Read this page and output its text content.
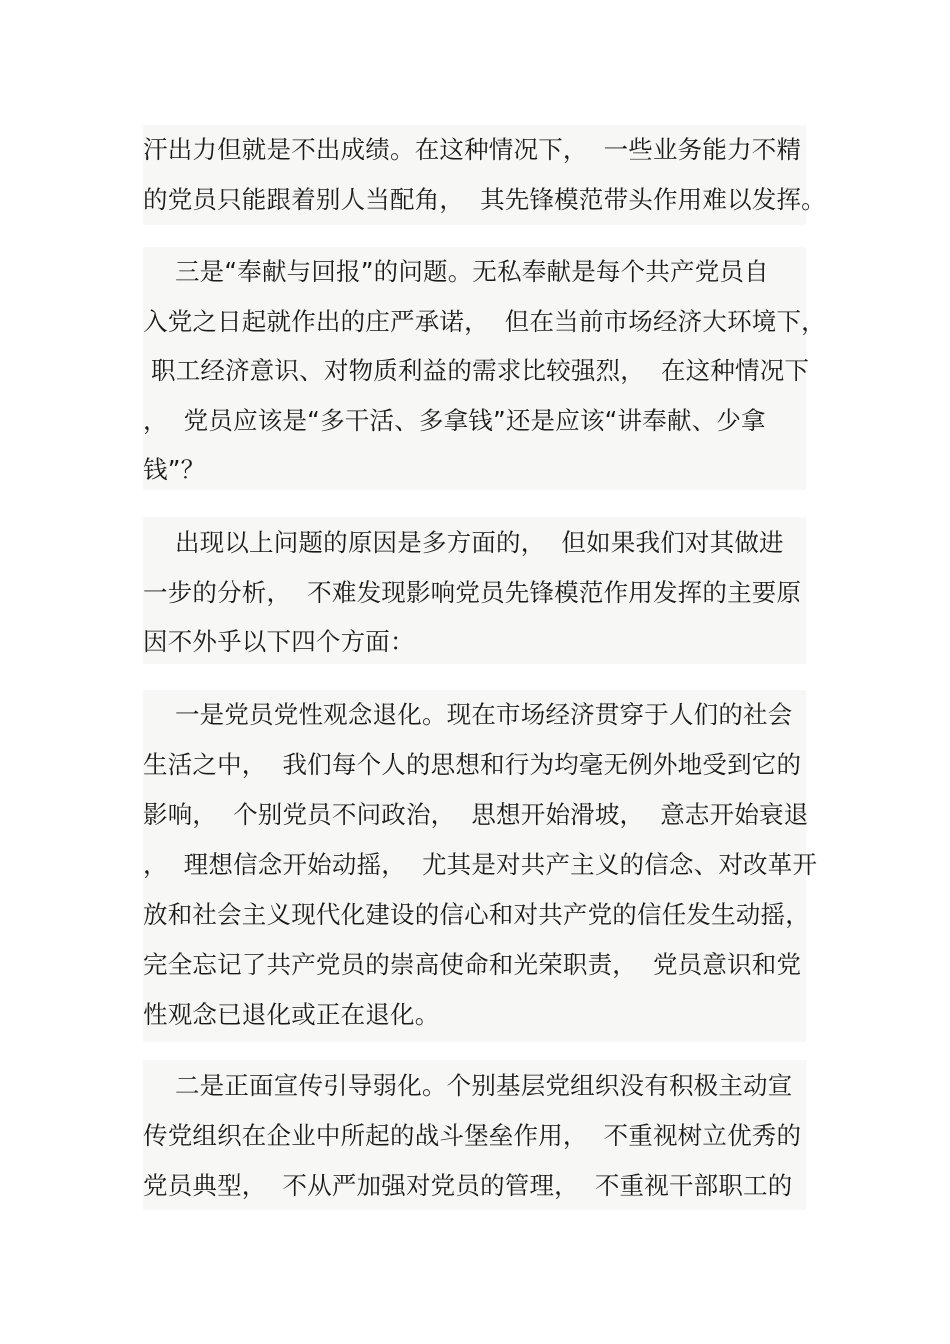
汗出力但就是不出成绩。在这种情况下，  一些业务能力不精
的党员只能跟着别人当配角，  其先锋模范带头作用难以发挥。
三是“奉献与回报”的问题。无私奉献是每个共产党员自
入党之日起就作出的庄严承诺，  但在当前市场经济大环境下，
职工经济意识、对物质利益的需求比较强烈，  在这种情况下
，  党员应该是“多干活、多拿钱”还是应该“讲奉献、少拿
钱”？
出现以上问题的原因是多方面的，  但如果我们对其做进
一步的分析，  不难发现影响党员先锋模范作用发挥的主要原
因不外乎以下四个方面：
一是党员党性观念退化。现在市场经济贯穿于人们的社会
生活之中，  我们每个人的思想和行为均毫无例外地受到它的
影响，  个别党员不问政治，  思想开始滑坡，  意志开始衰退
，  理想信念开始动摇，  尤其是对共产主义的信念、对改革开
放和社会主义现代化建设的信心和对共产党的信任发生动摇，
完全忘记了共产党员的崇高使命和光荣职责，  党员意识和党
性观念已退化或正在退化。
二是正面宣传引导弱化。个别基层党组织没有积极主动宣
传党组织在企业中所起的战斗堡垒作用，  不重视树立优秀的
党员典型，  不从严加强对党员的管理，  不重视干部职工的
